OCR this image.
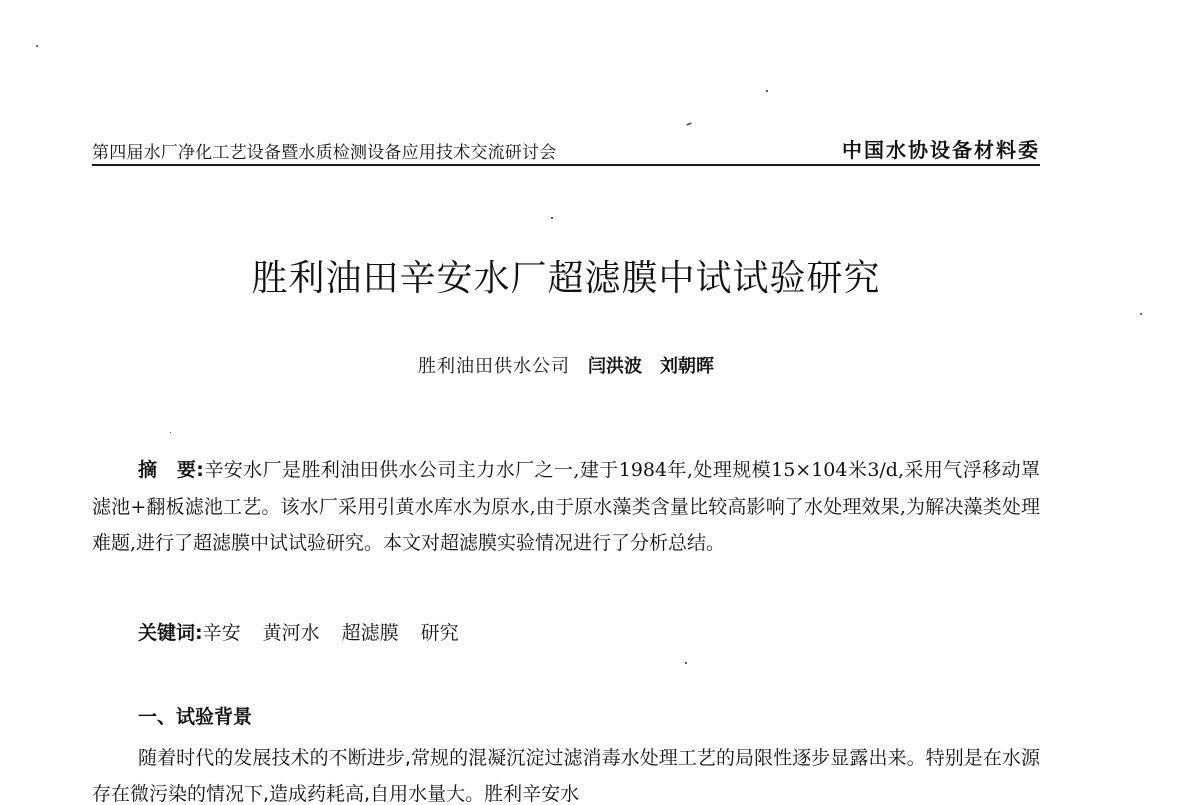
第四届水厂净化工艺设备暨水质检测设备应用技术交流研讨会	中国水协设备材料委
胜利油田辛安水厂超滤膜中试试验研究
胜利油田供水公司 闫洪波 刘朝晖
摘　要:辛安水厂是胜利油田供水公司主力水厂之一,建于1984年,处理规模15×104米3/d,采用气浮移动罩滤池+翻板滤池工艺。该水厂采用引黄水库水为原水,由于原水藻类含量比较高影响了水处理效果,为解决藻类处理难题,进行了超滤膜中试试验研究。本文对超滤膜实验情况进行了分析总结。
关键词:辛安 黄河水 超滤膜 研究
一、试验背景
随着时代的发展技术的不断进步,常规的混凝沉淀过滤消毒水处理工艺的局限性逐步显露出来。特别是在水源存在微污染的情况下,造成药耗高,自用水量大。胜利辛安水
